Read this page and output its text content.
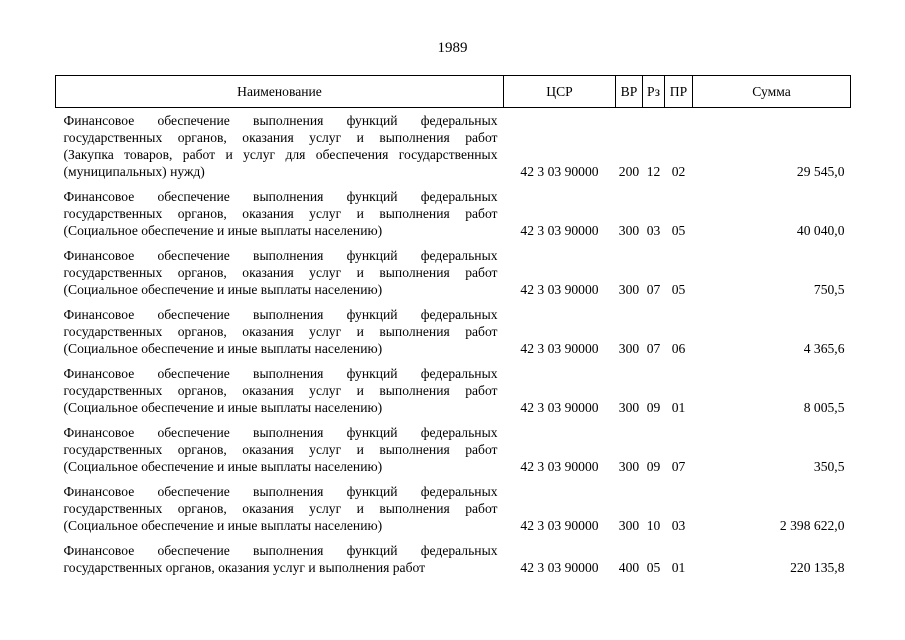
1989
Наименование	ЦСР	ВР	Рз	ПР	Сумма

Финансовое обеспечение выполнения функций федеральных
государственных органов, оказания услуг и выполнения работ
(Закупка товаров, работ и услуг для обеспечения государственных
(муниципальных) нужд)	42 3 03 90000	200	12	02	29 545,0

Финансовое обеспечение выполнения функций федеральных
государственных органов, оказания услуг и выполнения работ
(Социальное обеспечение и иные выплаты населению)	42 3 03 90000	300	03	05	40 040,0

Финансовое обеспечение выполнения функций федеральных
государственных органов, оказания услуг и выполнения работ
(Социальное обеспечение и иные выплаты населению)	42 3 03 90000	300	07	05	750,5

Финансовое обеспечение выполнения функций федеральных
государственных органов, оказания услуг и выполнения работ
(Социальное обеспечение и иные выплаты населению)	42 3 03 90000	300	07	06	4 365,6

Финансовое обеспечение выполнения функций федеральных
государственных органов, оказания услуг и выполнения работ
(Социальное обеспечение и иные выплаты населению)	42 3 03 90000	300	09	01	8 005,5

Финансовое обеспечение выполнения функций федеральных
государственных органов, оказания услуг и выполнения работ
(Социальное обеспечение и иные выплаты населению)	42 3 03 90000	300	09	07	350,5

Финансовое обеспечение выполнения функций федеральных
государственных органов, оказания услуг и выполнения работ
(Социальное обеспечение и иные выплаты населению)	42 3 03 90000	300	10	03	2 398 622,0

Финансовое обеспечение выполнения функций федеральных
государственных органов, оказания услуг и выполнения работ	42 3 03 90000	400	05	01	220 135,8
